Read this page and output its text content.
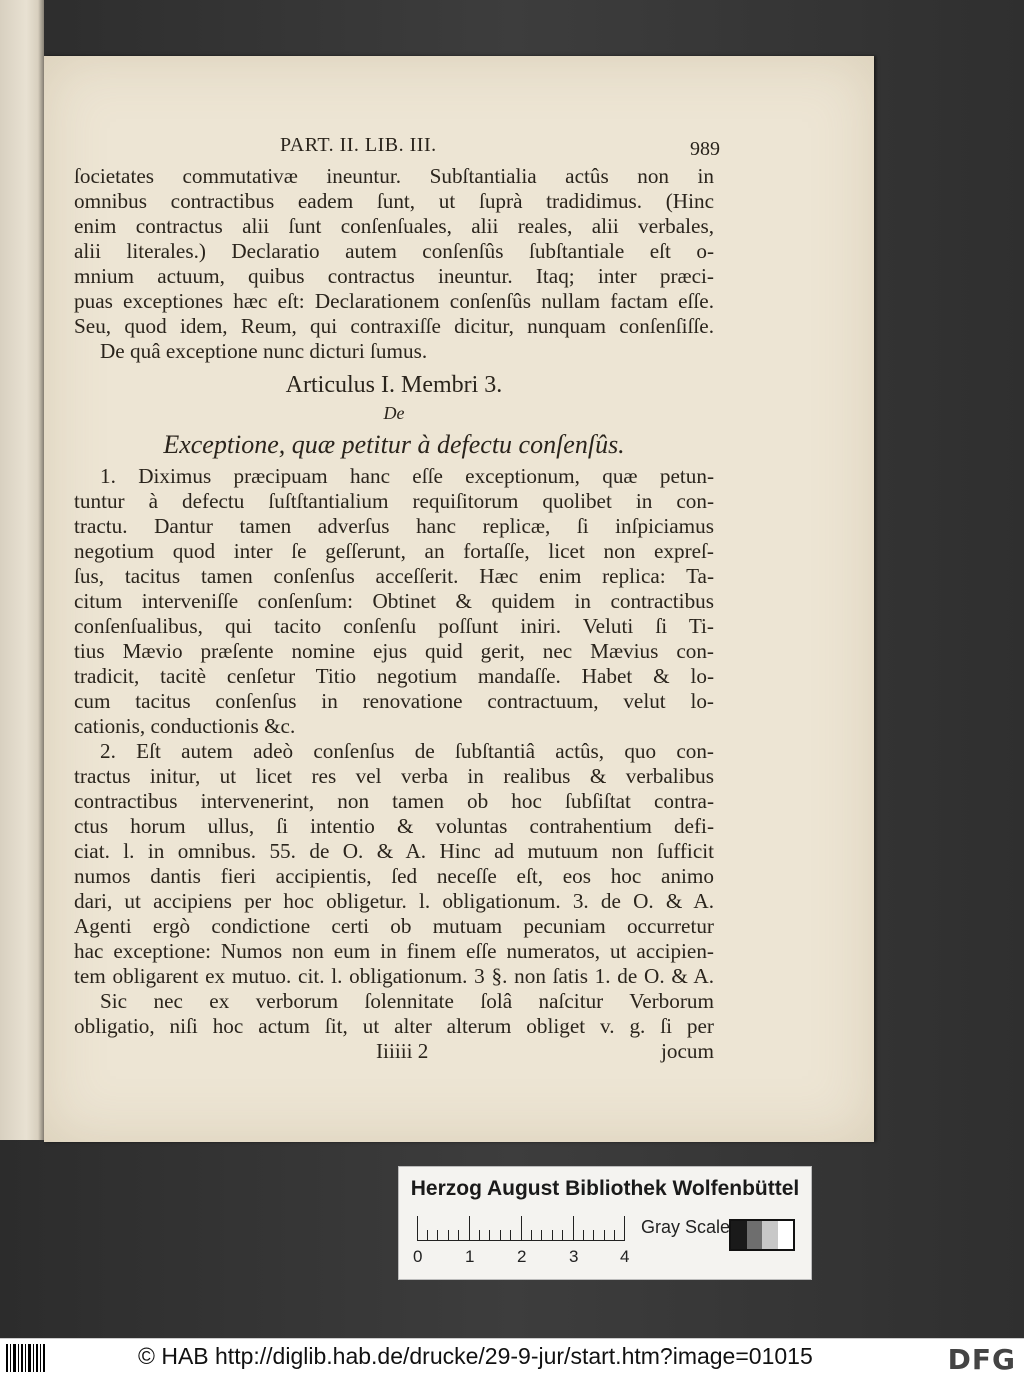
PART. II. LIB. III.	989
ſocietates commutativæ ineuntur. Subſtantialia actûs non in
omnibus contractibus eadem ſunt, ut ſuprà tradidimus. (Hinc
enim contractus alii ſunt conſenſuales, alii reales, alii verbales,
alii literales.) Declaratio autem conſenſûs ſubſtantiale eſt o-
mnium actuum, quibus contractus ineuntur. Itaq; inter præci-
puas exceptiones hæc eſt: Declarationem conſenſûs nullam factam eſſe.
Seu, quod idem, Reum, qui contraxiſſe dicitur, nunquam conſenſiſſe.
De quâ exceptione nunc dicturi ſumus.
Articulus I. Membri 3.
De
Exceptione, quæ petitur à defectu conſenſûs.
1. Diximus præcipuam hanc eſſe exceptionum, quæ petun-
tuntur à defectu ſuſtſtantialium requiſitorum quolibet in con-
tractu. Dantur tamen adverſus hanc replicæ, ſi inſpiciamus
negotium quod inter ſe geſſerunt, an fortaſſe, licet non expreſ-
ſus, tacitus tamen conſenſus acceſſerit. Hæc enim replica: Ta-
citum interveniſſe conſenſum: Obtinet & quidem in contractibus
conſenſualibus, qui tacito conſenſu poſſunt iniri. Veluti ſi Ti-
tius Mævio præſente nomine ejus quid gerit, nec Mævius con-
tradicit, tacitè cenſetur Titio negotium mandaſſe. Habet & lo-
cum tacitus conſenſus in renovatione contractuum, velut lo-
cationis, conductionis &c.
2. Eſt autem adeò conſenſus de ſubſtantiâ actûs, quo con-
tractus initur, ut licet res vel verba in realibus & verbalibus
contractibus intervenerint, non tamen ob hoc ſubſiſtat contra-
ctus horum ullus, ſi intentio & voluntas contrahentium defi-
ciat. l. in omnibus. 55. de O. & A. Hinc ad mutuum non ſufficit
numos dantis fieri accipientis, ſed neceſſe eſt, eos hoc animo
dari, ut accipiens per hoc obligetur. l. obligationum. 3. de O. & A.
Agenti ergò condictione certi ob mutuam pecuniam occurretur
hac exceptione: Numos non eum in finem eſſe numeratos, ut accipien-
tem obligarent ex mutuo. cit. l. obligationum. 3 §. non ſatis 1. de O. & A.
Sic nec ex verborum ſolennitate ſolâ naſcitur Verborum
obligatio, niſi hoc actum ſit, ut alter alterum obliget v. g. ſi per
Iiiiii 2	jocum
Herzog August Bibliothek Wolfenbüttel
0	1	2	3 4
Gray Scale
© HAB http://diglib.hab.de/drucke/29-9-jur/start.htm?image=01015	DFG
